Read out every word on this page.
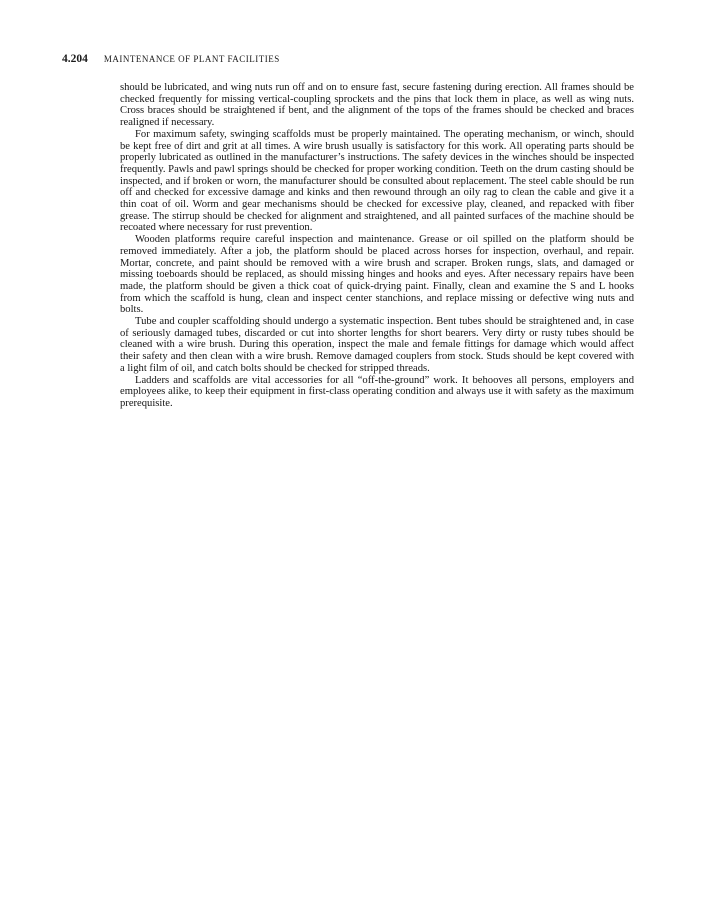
4.204 MAINTENANCE OF PLANT FACILITIES

should be lubricated, and wing nuts run off and on to ensure fast, secure fastening during erection. All frames should be checked frequently for missing vertical-coupling sprockets and the pins that lock them in place, as well as wing nuts. Cross braces should be straightened if bent, and the alignment of the tops of the frames should be checked and braces realigned if necessary.

For maximum safety, swinging scaffolds must be properly maintained. The operating mechanism, or winch, should be kept free of dirt and grit at all times. A wire brush usually is satisfactory for this work. All operating parts should be properly lubricated as outlined in the manufacturer’s instructions. The safety devices in the winches should be inspected frequently. Pawls and pawl springs should be checked for proper working condition. Teeth on the drum casting should be inspected, and if broken or worn, the manufacturer should be consulted about replacement. The steel cable should be run off and checked for excessive damage and kinks and then rewound through an oily rag to clean the cable and give it a thin coat of oil. Worm and gear mechanisms should be checked for excessive play, cleaned, and repacked with fiber grease. The stirrup should be checked for alignment and straightened, and all painted surfaces of the machine should be recoated where necessary for rust prevention.

Wooden platforms require careful inspection and maintenance. Grease or oil spilled on the platform should be removed immediately. After a job, the platform should be placed across horses for inspection, overhaul, and repair. Mortar, concrete, and paint should be removed with a wire brush and scraper. Broken rungs, slats, and damaged or missing toeboards should be replaced, as should missing hinges and hooks and eyes. After necessary repairs have been made, the platform should be given a thick coat of quick-drying paint. Finally, clean and examine the S and L hooks from which the scaffold is hung, clean and inspect center stanchions, and replace missing or defective wing nuts and bolts.

Tube and coupler scaffolding should undergo a systematic inspection. Bent tubes should be straightened and, in case of seriously damaged tubes, discarded or cut into shorter lengths for short bearers. Very dirty or rusty tubes should be cleaned with a wire brush. During this operation, inspect the male and female fittings for damage which would affect their safety and then clean with a wire brush. Remove damaged couplers from stock. Studs should be kept covered with a light film of oil, and catch bolts should be checked for stripped threads.

Ladders and scaffolds are vital accessories for all “off-the-ground” work. It behooves all persons, employers and employees alike, to keep their equipment in first-class operating condition and always use it with safety as the maximum prerequisite.
